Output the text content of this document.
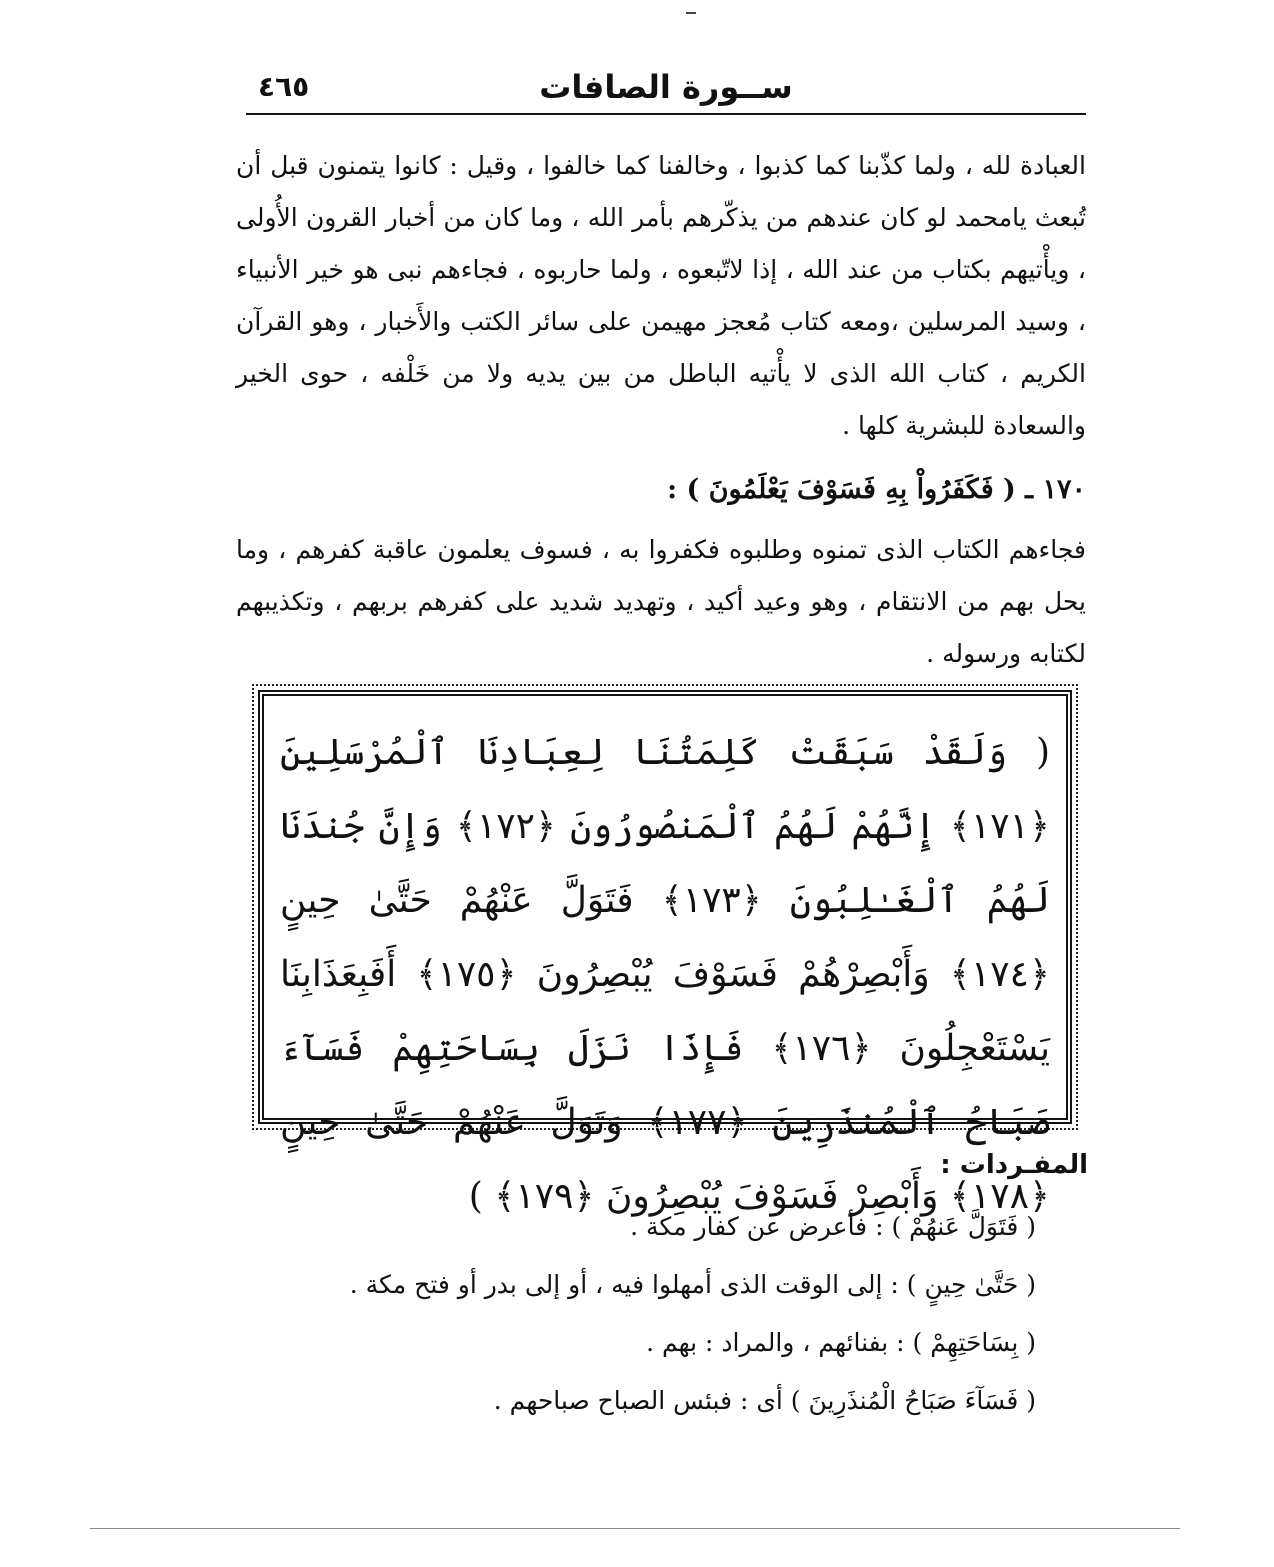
ســورة الصافات
٤٦٥
العبادة لله ، ولما كذّبنا كما كذبوا ، وخالفنا كما خالفوا ، وقيل : كانوا يتمنون قبل أن تُبعث يامحمد لو كان عندهم من يذكّرهم بأمر الله ، وما كان من أخبار القرون الأُولى ، ويأْتيهم بكتاب من عند الله ، إذا لاتّبعوه ، ولما حاربوه ، فجاءهم نبى هو خير الأنبياء ، وسيد المرسلين ،ومعه كتاب مُعجز مهيمن على سائر الكتب والأَخبار ، وهو القرآن الكريم ، كتاب الله الذى لا يأْتيه الباطل من بين يديه ولا من خَلْفه ، حوى الخير والسعادة للبشرية كلها .
١٧٠ ـ ( فَكَفَرُواْ بِهِ فَسَوْفَ يَعْلَمُونَ ) :
فجاءهم الكتاب الذى تمنوه وطلبوه فكفروا به ، فسوف يعلمون عاقبة كفرهم ، وما يحل بهم من الانتقام ، وهو وعيد أكيد ، وتهديد شديد على كفرهم بربهم ، وتكذيبهم لكتابه ورسوله .
( وَلَقَدْ سَبَقَتْ كَلِمَتُنَا لِعِبَادِنَا ٱلْمُرْسَلِينَ ﴿١٧١﴾ إِنَّهُمْ لَهُمُ ٱلْمَنصُورُونَ ﴿١٧٢﴾ وَإِنَّ جُندَنَا لَهُمُ ٱلْغَـٰلِبُونَ ﴿١٧٣﴾ فَتَوَلَّ عَنْهُمْ حَتَّىٰ حِينٍ ﴿١٧٤﴾ وَأَبْصِرْهُمْ فَسَوْفَ يُبْصِرُونَ ﴿١٧٥﴾ أَفَبِعَذَابِنَا يَسْتَعْجِلُونَ ﴿١٧٦﴾ فَإِذَا نَزَلَ بِسَاحَتِهِمْ فَسَآءَ صَبَاحُ ٱلْمُنذَرِينَ ﴿١٧٧﴾ وَتَوَلَّ عَنْهُمْ حَتَّىٰ حِينٍ ﴿١٧٨﴾ وَأَبْصِرْ فَسَوْفَ يُبْصِرُونَ ﴿١٧٩﴾ )
المفـردات :
( فَتَوَلَّ عَنهُمْ ) : فأعرض عن كفار مكة .
( حَتَّىٰ حِينٍ ) : إلى الوقت الذى أمهلوا فيه ، أو إلى بدر أو فتح مكة .
( بِسَاحَتِهِمْ ) : بفنائهم ، والمراد : بهم .
( فَسَآءَ صَبَاحُ الْمُنذَرِينَ ) أى : فبئس الصباح صباحهم .
